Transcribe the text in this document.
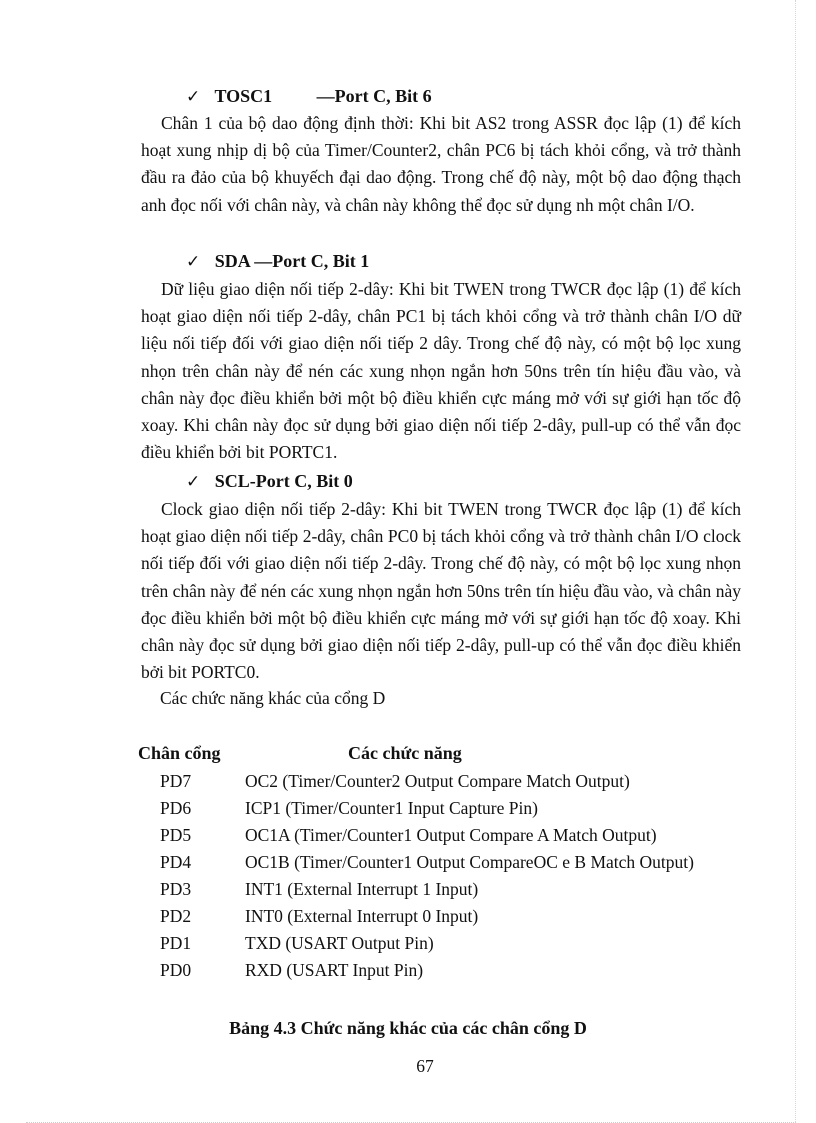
✓ TOSC1 —Port C, Bit 6
Chân 1 của bộ dao động định thời: Khi bit AS2 trong ASSR đọc lập (1) để kích hoạt xung nhịp dị bộ của Timer/Counter2, chân PC6 bị tách khỏi cổng, và trở thành đầu ra đảo của bộ khuyếch đại dao động. Trong chế độ này, một bộ dao động thạch anh đọc nối với chân này, và chân này không thể đọc sử dụng nh một chân I/O.
✓ SDA —Port C, Bit 1
Dữ liệu giao diện nối tiếp 2-dây: Khi bit TWEN trong TWCR đọc lập (1) để kích hoạt giao diện nối tiếp 2-dây, chân PC1 bị tách khỏi cổng và trở thành chân I/O dữ liệu nối tiếp đối với giao diện nối tiếp 2 dây. Trong chế độ này, có một bộ lọc xung nhọn trên chân này để nén các xung nhọn ngắn hơn 50ns trên tín hiệu đầu vào, và chân này đọc điều khiển bởi một bộ điều khiển cực máng mở với sự giới hạn tốc độ xoay. Khi chân này đọc sử dụng bởi giao diện nối tiếp 2-dây, pull-up có thể vẫn đọc điều khiển bởi bit PORTC1.
✓ SCL-Port C, Bit 0
Clock giao diện nối tiếp 2-dây: Khi bit TWEN trong TWCR đọc lập (1) để kích hoạt giao diện nối tiếp 2-dây, chân PC0 bị tách khỏi cổng và trở thành chân I/O clock nối tiếp đối với giao diện nối tiếp 2-dây. Trong chế độ này, có một bộ lọc xung nhọn trên chân này để nén các xung nhọn ngắn hơn 50ns trên tín hiệu đầu vào, và chân này đọc điều khiển bởi một bộ điều khiển cực máng mở với sự giới hạn tốc độ xoay. Khi chân này đọc sử dụng bởi giao diện nối tiếp 2-dây, pull-up có thể vẫn đọc điều khiển bởi bit PORTC0.
Các chức năng khác của cổng D
Chân cổng	Các chức năng
PD7	OC2 (Timer/Counter2 Output Compare Match Output)
PD6	ICP1 (Timer/Counter1 Input Capture Pin)
PD5	OC1A (Timer/Counter1 Output Compare A Match Output)
PD4	OC1B (Timer/Counter1 Output CompareOC e B Match Output)
PD3	INT1 (External Interrupt 1 Input)
PD2	INT0 (External Interrupt 0 Input)
PD1	TXD (USART Output Pin)
PD0	RXD (USART Input Pin)
Bảng 4.3 Chức năng khác của các chân cổng D
67
